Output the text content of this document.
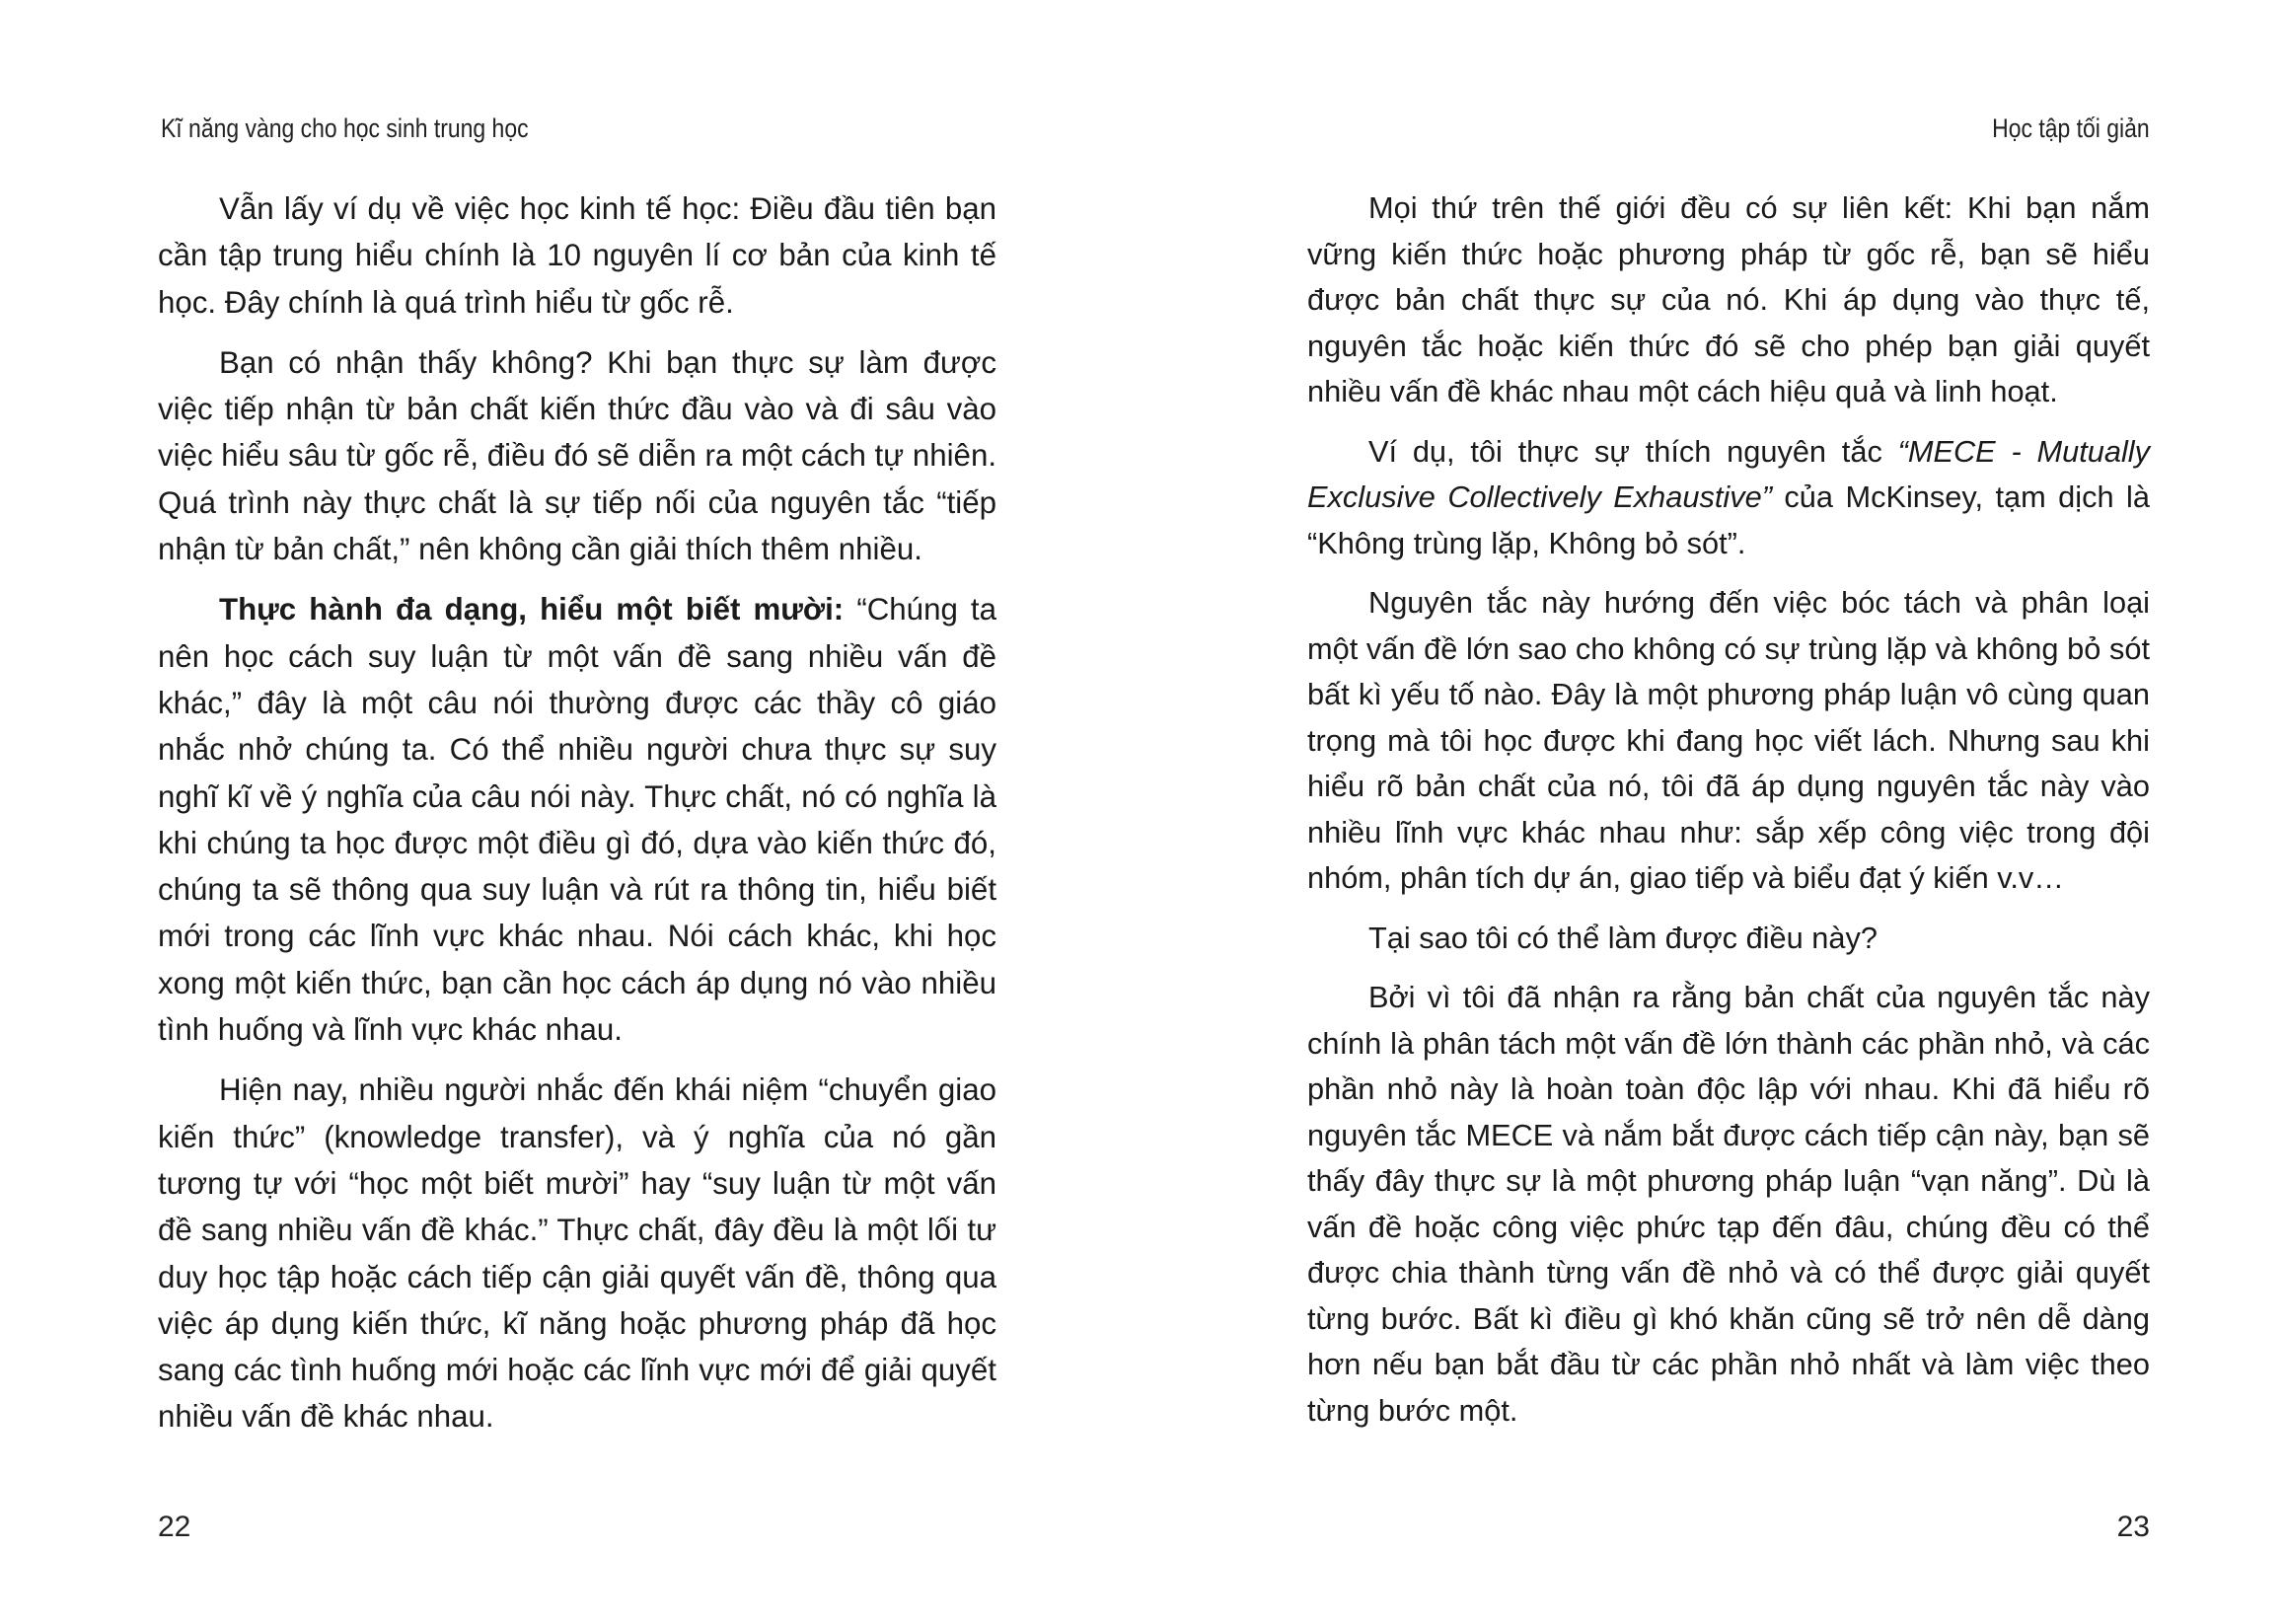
Kĩ năng vàng cho học sinh trung học

Vẫn lấy ví dụ về việc học kinh tế học: Điều đầu tiên bạn cần tập trung hiểu chính là 10 nguyên lí cơ bản của kinh tế học. Đây chính là quá trình hiểu từ gốc rễ.

Bạn có nhận thấy không? Khi bạn thực sự làm được việc tiếp nhận từ bản chất kiến thức đầu vào và đi sâu vào việc hiểu sâu từ gốc rễ, điều đó sẽ diễn ra một cách tự nhiên. Quá trình này thực chất là sự tiếp nối của nguyên tắc “tiếp nhận từ bản chất,” nên không cần giải thích thêm nhiều.

Thực hành đa dạng, hiểu một biết mười: “Chúng ta nên học cách suy luận từ một vấn đề sang nhiều vấn đề khác,” đây là một câu nói thường được các thầy cô giáo nhắc nhở chúng ta. Có thể nhiều người chưa thực sự suy nghĩ kĩ về ý nghĩa của câu nói này. Thực chất, nó có nghĩa là khi chúng ta học được một điều gì đó, dựa vào kiến thức đó, chúng ta sẽ thông qua suy luận và rút ra thông tin, hiểu biết mới trong các lĩnh vực khác nhau. Nói cách khác, khi học xong một kiến thức, bạn cần học cách áp dụng nó vào nhiều tình huống và lĩnh vực khác nhau.

Hiện nay, nhiều người nhắc đến khái niệm “chuyển giao kiến thức” (knowledge transfer), và ý nghĩa của nó gần tương tự với “học một biết mười” hay “suy luận từ một vấn đề sang nhiều vấn đề khác.” Thực chất, đây đều là một lối tư duy học tập hoặc cách tiếp cận giải quyết vấn đề, thông qua việc áp dụng kiến thức, kĩ năng hoặc phương pháp đã học sang các tình huống mới hoặc các lĩnh vực mới để giải quyết nhiều vấn đề khác nhau.

22

Học tập tối giản

Mọi thứ trên thế giới đều có sự liên kết: Khi bạn nắm vững kiến thức hoặc phương pháp từ gốc rễ, bạn sẽ hiểu được bản chất thực sự của nó. Khi áp dụng vào thực tế, nguyên tắc hoặc kiến thức đó sẽ cho phép bạn giải quyết nhiều vấn đề khác nhau một cách hiệu quả và linh hoạt.

Ví dụ, tôi thực sự thích nguyên tắc “MECE - Mutually Exclusive Collectively Exhaustive” của McKinsey, tạm dịch là “Không trùng lặp, Không bỏ sót”.

Nguyên tắc này hướng đến việc bóc tách và phân loại một vấn đề lớn sao cho không có sự trùng lặp và không bỏ sót bất kì yếu tố nào. Đây là một phương pháp luận vô cùng quan trọng mà tôi học được khi đang học viết lách. Nhưng sau khi hiểu rõ bản chất của nó, tôi đã áp dụng nguyên tắc này vào nhiều lĩnh vực khác nhau như: sắp xếp công việc trong đội nhóm, phân tích dự án, giao tiếp và biểu đạt ý kiến v.v…

Tại sao tôi có thể làm được điều này?

Bởi vì tôi đã nhận ra rằng bản chất của nguyên tắc này chính là phân tách một vấn đề lớn thành các phần nhỏ, và các phần nhỏ này là hoàn toàn độc lập với nhau. Khi đã hiểu rõ nguyên tắc MECE và nắm bắt được cách tiếp cận này, bạn sẽ thấy đây thực sự là một phương pháp luận “vạn năng”. Dù là vấn đề hoặc công việc phức tạp đến đâu, chúng đều có thể được chia thành từng vấn đề nhỏ và có thể được giải quyết từng bước. Bất kì điều gì khó khăn cũng sẽ trở nên dễ dàng hơn nếu bạn bắt đầu từ các phần nhỏ nhất và làm việc theo từng bước một.

23
